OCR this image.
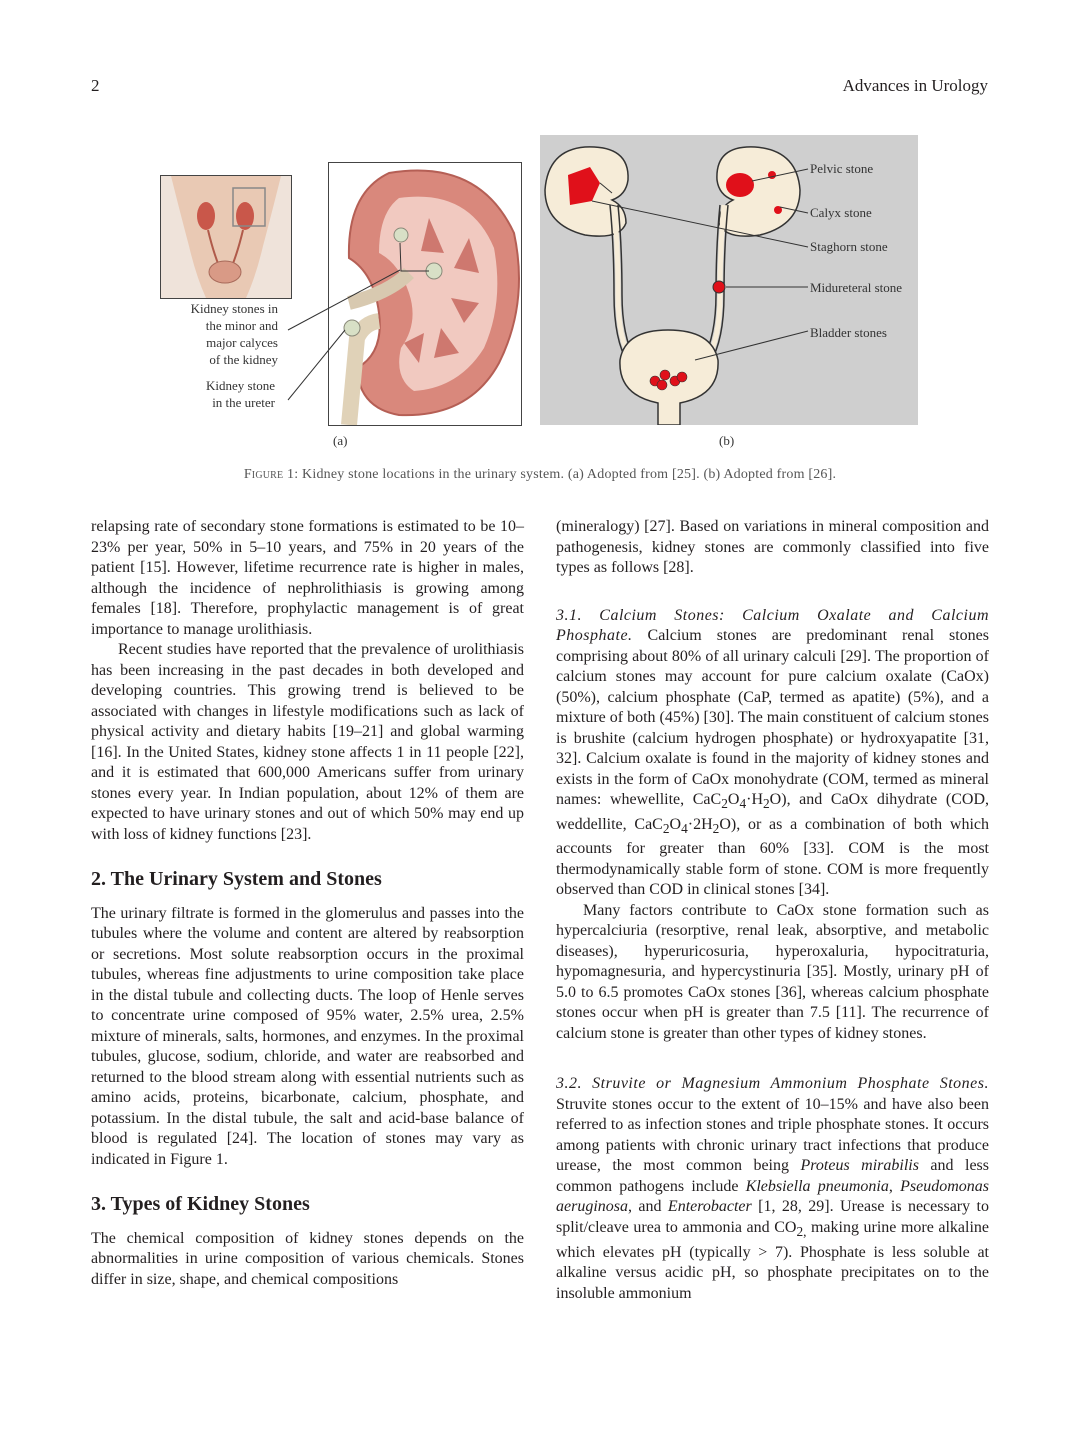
2	Advances in Urology
Kidney stones in
the minor and
major calyces
of the kidney
Kidney stone
in the ureter
Pelvic stone
Calyx stone
Staghorn stone
Midureteral stone
Bladder stones
(a)	(b)
Figure 1: Kidney stone locations in the urinary system. (a) Adopted from [25]. (b) Adopted from [26].

relapsing rate of secondary stone formations is estimated to be 10–23% per year, 50% in 5–10 years, and 75% in 20 years of the patient [15]. However, lifetime recurrence rate is higher in males, although the incidence of nephrolithiasis is growing among females [18]. Therefore, prophylactic management is of great importance to manage urolithiasis.

Recent studies have reported that the prevalence of urolithiasis has been increasing in the past decades in both developed and developing countries. This growing trend is believed to be associated with changes in lifestyle modifications such as lack of physical activity and dietary habits [19–21] and global warming [16]. In the United States, kidney stone affects 1 in 11 people [22], and it is estimated that 600,000 Americans suffer from urinary stones every year. In Indian population, about 12% of them are expected to have urinary stones and out of which 50% may end up with loss of kidney functions [23].

2. The Urinary System and Stones

The urinary filtrate is formed in the glomerulus and passes into the tubules where the volume and content are altered by reabsorption or secretions. Most solute reabsorption occurs in the proximal tubules, whereas fine adjustments to urine composition take place in the distal tubule and collecting ducts. The loop of Henle serves to concentrate urine composed of 95% water, 2.5% urea, 2.5% mixture of minerals, salts, hormones, and enzymes. In the proximal tubules, glucose, sodium, chloride, and water are reabsorbed and returned to the blood stream along with essential nutrients such as amino acids, proteins, bicarbonate, calcium, phosphate, and potassium. In the distal tubule, the salt and acid-base balance of blood is regulated [24]. The location of stones may vary as indicated in Figure 1.

3. Types of Kidney Stones

The chemical composition of kidney stones depends on the abnormalities in urine composition of various chemicals. Stones differ in size, shape, and chemical compositions

(mineralogy) [27]. Based on variations in mineral composition and pathogenesis, kidney stones are commonly classified into five types as follows [28].

3.1. Calcium Stones: Calcium Oxalate and Calcium Phosphate. Calcium stones are predominant renal stones comprising about 80% of all urinary calculi [29]. The proportion of calcium stones may account for pure calcium oxalate (CaOx) (50%), calcium phosphate (CaP, termed as apatite) (5%), and a mixture of both (45%) [30]. The main constituent of calcium stones is brushite (calcium hydrogen phosphate) or hydroxyapatite [31, 32]. Calcium oxalate is found in the majority of kidney stones and exists in the form of CaOx monohydrate (COM, termed as mineral names: whewellite, $CaC_2O_4\cdot H_2O$), and CaOx dihydrate (COD, weddellite, $CaC_2O_4\cdot 2H_2O$), or as a combination of both which accounts for greater than 60% [33]. COM is the most thermodynamically stable form of stone. COM is more frequently observed than COD in clinical stones [34].

Many factors contribute to CaOx stone formation such as hypercalciuria (resorptive, renal leak, absorptive, and metabolic diseases), hyperuricosuria, hyperoxaluria, hypocitraturia, hypomagnesuria, and hypercystinuria [35]. Mostly, urinary pH of 5.0 to 6.5 promotes CaOx stones [36], whereas calcium phosphate stones occur when pH is greater than 7.5 [11]. The recurrence of calcium stone is greater than other types of kidney stones.

3.2. Struvite or Magnesium Ammonium Phosphate Stones. Struvite stones occur to the extent of 10–15% and have also been referred to as infection stones and triple phosphate stones. It occurs among patients with chronic urinary tract infections that produce urease, the most common being Proteus mirabilis and less common pathogens include Klebsiella pneumonia, Pseudomonas aeruginosa, and Enterobacter [1, 28, 29]. Urease is necessary to split/cleave urea to ammonia and $CO_{2,}$ making urine more alkaline which elevates pH (typically > 7). Phosphate is less soluble at alkaline versus acidic pH, so phosphate precipitates on to the insoluble ammonium
